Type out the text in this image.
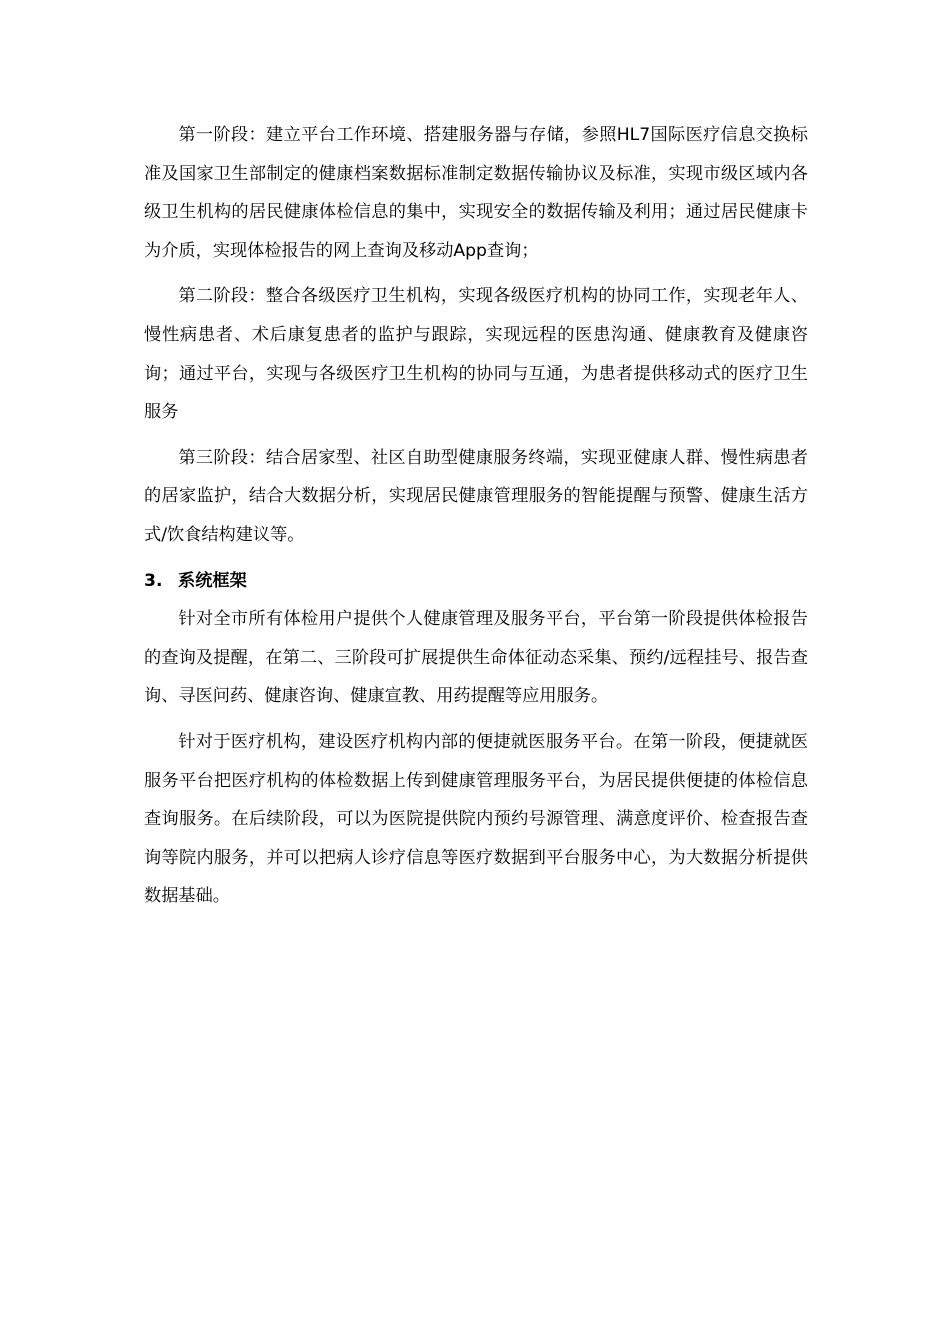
第一阶段：建立平台工作环境、搭建服务器与存储，参照HL7国际医疗信息交换标准及国家卫生部制定的健康档案数据标准制定数据传输协议及标准，实现市级区域内各级卫生机构的居民健康体检信息的集中，实现安全的数据传输及利用；通过居民健康卡为介质，实现体检报告的网上查询及移动App查询；

第二阶段：整合各级医疗卫生机构，实现各级医疗机构的协同工作，实现老年人、慢性病患者、术后康复患者的监护与跟踪，实现远程的医患沟通、健康教育及健康咨询；通过平台，实现与各级医疗卫生机构的协同与互通，为患者提供移动式的医疗卫生服务

第三阶段：结合居家型、社区自助型健康服务终端，实现亚健康人群、慢性病患者的居家监护，结合大数据分析，实现居民健康管理服务的智能提醒与预警、健康生活方式/饮食结构建议等。

3. 系统框架

针对全市所有体检用户提供个人健康管理及服务平台，平台第一阶段提供体检报告的查询及提醒，在第二、三阶段可扩展提供生命体征动态采集、预约/远程挂号、报告查询、寻医问药、健康咨询、健康宣教、用药提醒等应用服务。

针对于医疗机构，建设医疗机构内部的便捷就医服务平台。在第一阶段，便捷就医服务平台把医疗机构的体检数据上传到健康管理服务平台，为居民提供便捷的体检信息查询服务。在后续阶段，可以为医院提供院内预约号源管理、满意度评价、检查报告查询等院内服务，并可以把病人诊疗信息等医疗数据到平台服务中心，为大数据分析提供数据基础。
